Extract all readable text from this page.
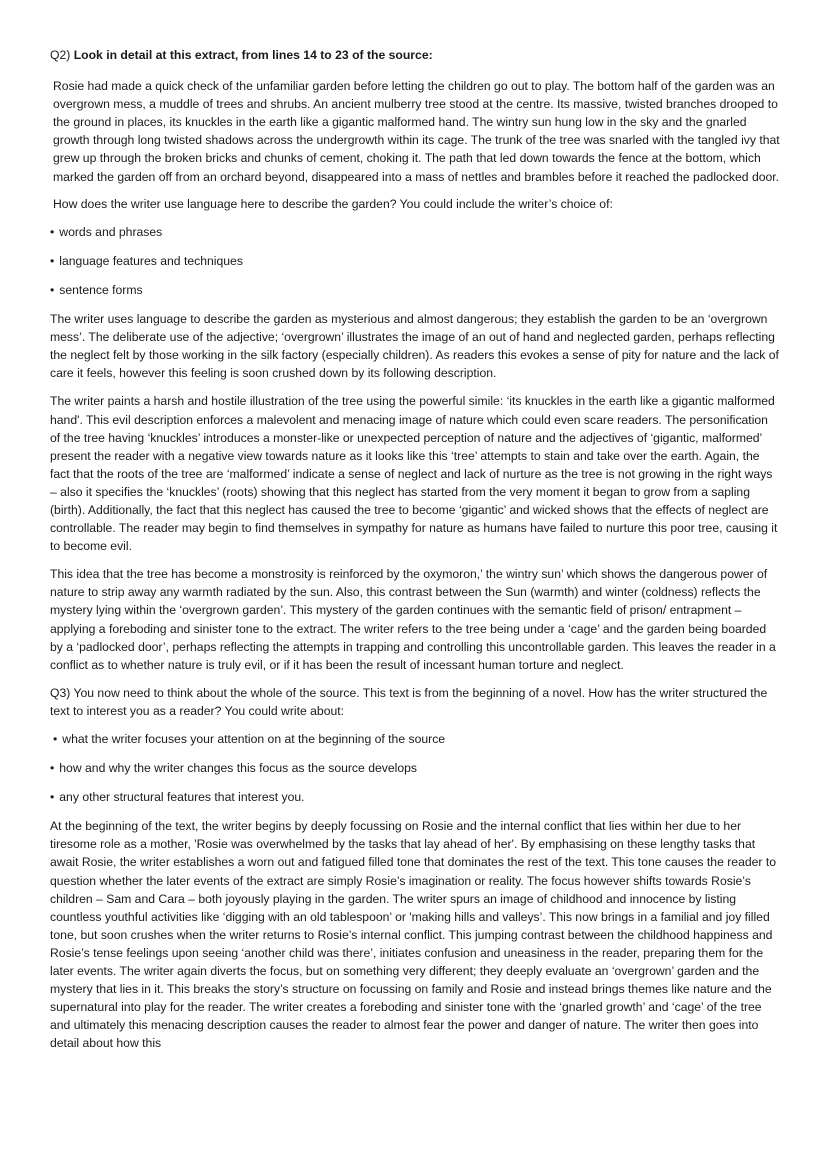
Q2) Look in detail at this extract, from lines 14 to 23 of the source:

Rosie had made a quick check of the unfamiliar garden before letting the children go out to play. The bottom half of the garden was an overgrown mess, a muddle of trees and shrubs. An ancient mulberry tree stood at the centre. Its massive, twisted branches drooped to the ground in places, its knuckles in the earth like a gigantic malformed hand. The wintry sun hung low in the sky and the gnarled growth through long twisted shadows across the undergrowth within its cage. The trunk of the tree was snarled with the tangled ivy that grew up through the broken bricks and chunks of cement, choking it. The path that led down towards the fence at the bottom, which marked the garden off from an orchard beyond, disappeared into a mass of nettles and brambles before it reached the padlocked door.

How does the writer use language here to describe the garden? You could include the writer’s choice of:

• words and phrases

• language features and techniques

• sentence forms

The writer uses language to describe the garden as mysterious and almost dangerous; they establish the garden to be an ‘overgrown mess’. The deliberate use of the adjective; ‘overgrown’ illustrates the image of an out of hand and neglected garden, perhaps reflecting the neglect felt by those working in the silk factory (especially children). As readers this evokes a sense of pity for nature and the lack of care it feels, however this feeling is soon crushed down by its following description.

The writer paints a harsh and hostile illustration of the tree using the powerful simile: ‘its knuckles in the earth like a gigantic malformed hand'. This evil description enforces a malevolent and menacing image of nature which could even scare readers. The personification of the tree having ‘knuckles’ introduces a monster-like or unexpected perception of nature and the adjectives of ‘gigantic, malformed’ present the reader with a negative view towards nature as it looks like this ‘tree’ attempts to stain and take over the earth. Again, the fact that the roots of the tree are ‘malformed’ indicate a sense of neglect and lack of nurture as the tree is not growing in the right ways – also it specifies the ‘knuckles’ (roots) showing that this neglect has started from the very moment it began to grow from a sapling (birth). Additionally, the fact that this neglect has caused the tree to become ‘gigantic’ and wicked shows that the effects of neglect are controllable. The reader may begin to find themselves in sympathy for nature as humans have failed to nurture this poor tree, causing it to become evil.

This idea that the tree has become a monstrosity is reinforced by the oxymoron,’ the wintry sun’ which shows the dangerous power of nature to strip away any warmth radiated by the sun. Also, this contrast between the Sun (warmth) and winter (coldness) reflects the mystery lying within the ‘overgrown garden’. This mystery of the garden continues with the semantic field of prison/ entrapment – applying a foreboding and sinister tone to the extract. The writer refers to the tree being under a ‘cage’ and the garden being boarded by a ‘padlocked door’, perhaps reflecting the attempts in trapping and controlling this uncontrollable garden. This leaves the reader in a conflict as to whether nature is truly evil, or if it has been the result of incessant human torture and neglect.

Q3) You now need to think about the whole of the source. This text is from the beginning of a novel. How has the writer structured the text to interest you as a reader? You could write about:

• what the writer focuses your attention on at the beginning of the source

• how and why the writer changes this focus as the source develops

• any other structural features that interest you.

At the beginning of the text, the writer begins by deeply focussing on Rosie and the internal conflict that lies within her due to her tiresome role as a mother, 'Rosie was overwhelmed by the tasks that lay ahead of her'. By emphasising on these lengthy tasks that await Rosie, the writer establishes a worn out and fatigued filled tone that dominates the rest of the text. This tone causes the reader to question whether the later events of the extract are simply Rosie’s imagination or reality. The focus however shifts towards Rosie’s children – Sam and Cara – both joyously playing in the garden. The writer spurs an image of childhood and innocence by listing countless youthful activities like ‘digging with an old tablespoon’ or 'making hills and valleys’. This now brings in a familial and joy filled tone, but soon crushes when the writer returns to Rosie’s internal conflict. This jumping contrast between the childhood happiness and Rosie’s tense feelings upon seeing ‘another child was there’, initiates confusion and uneasiness in the reader, preparing them for the later events. The writer again diverts the focus, but on something very different; they deeply evaluate an ‘overgrown’ garden and the mystery that lies in it. This breaks the story’s structure on focussing on family and Rosie and instead brings themes like nature and the supernatural into play for the reader. The writer creates a foreboding and sinister tone with the ‘gnarled growth’ and ‘cage’ of the tree and ultimately this menacing description causes the reader to almost fear the power and danger of nature. The writer then goes into detail about how this
